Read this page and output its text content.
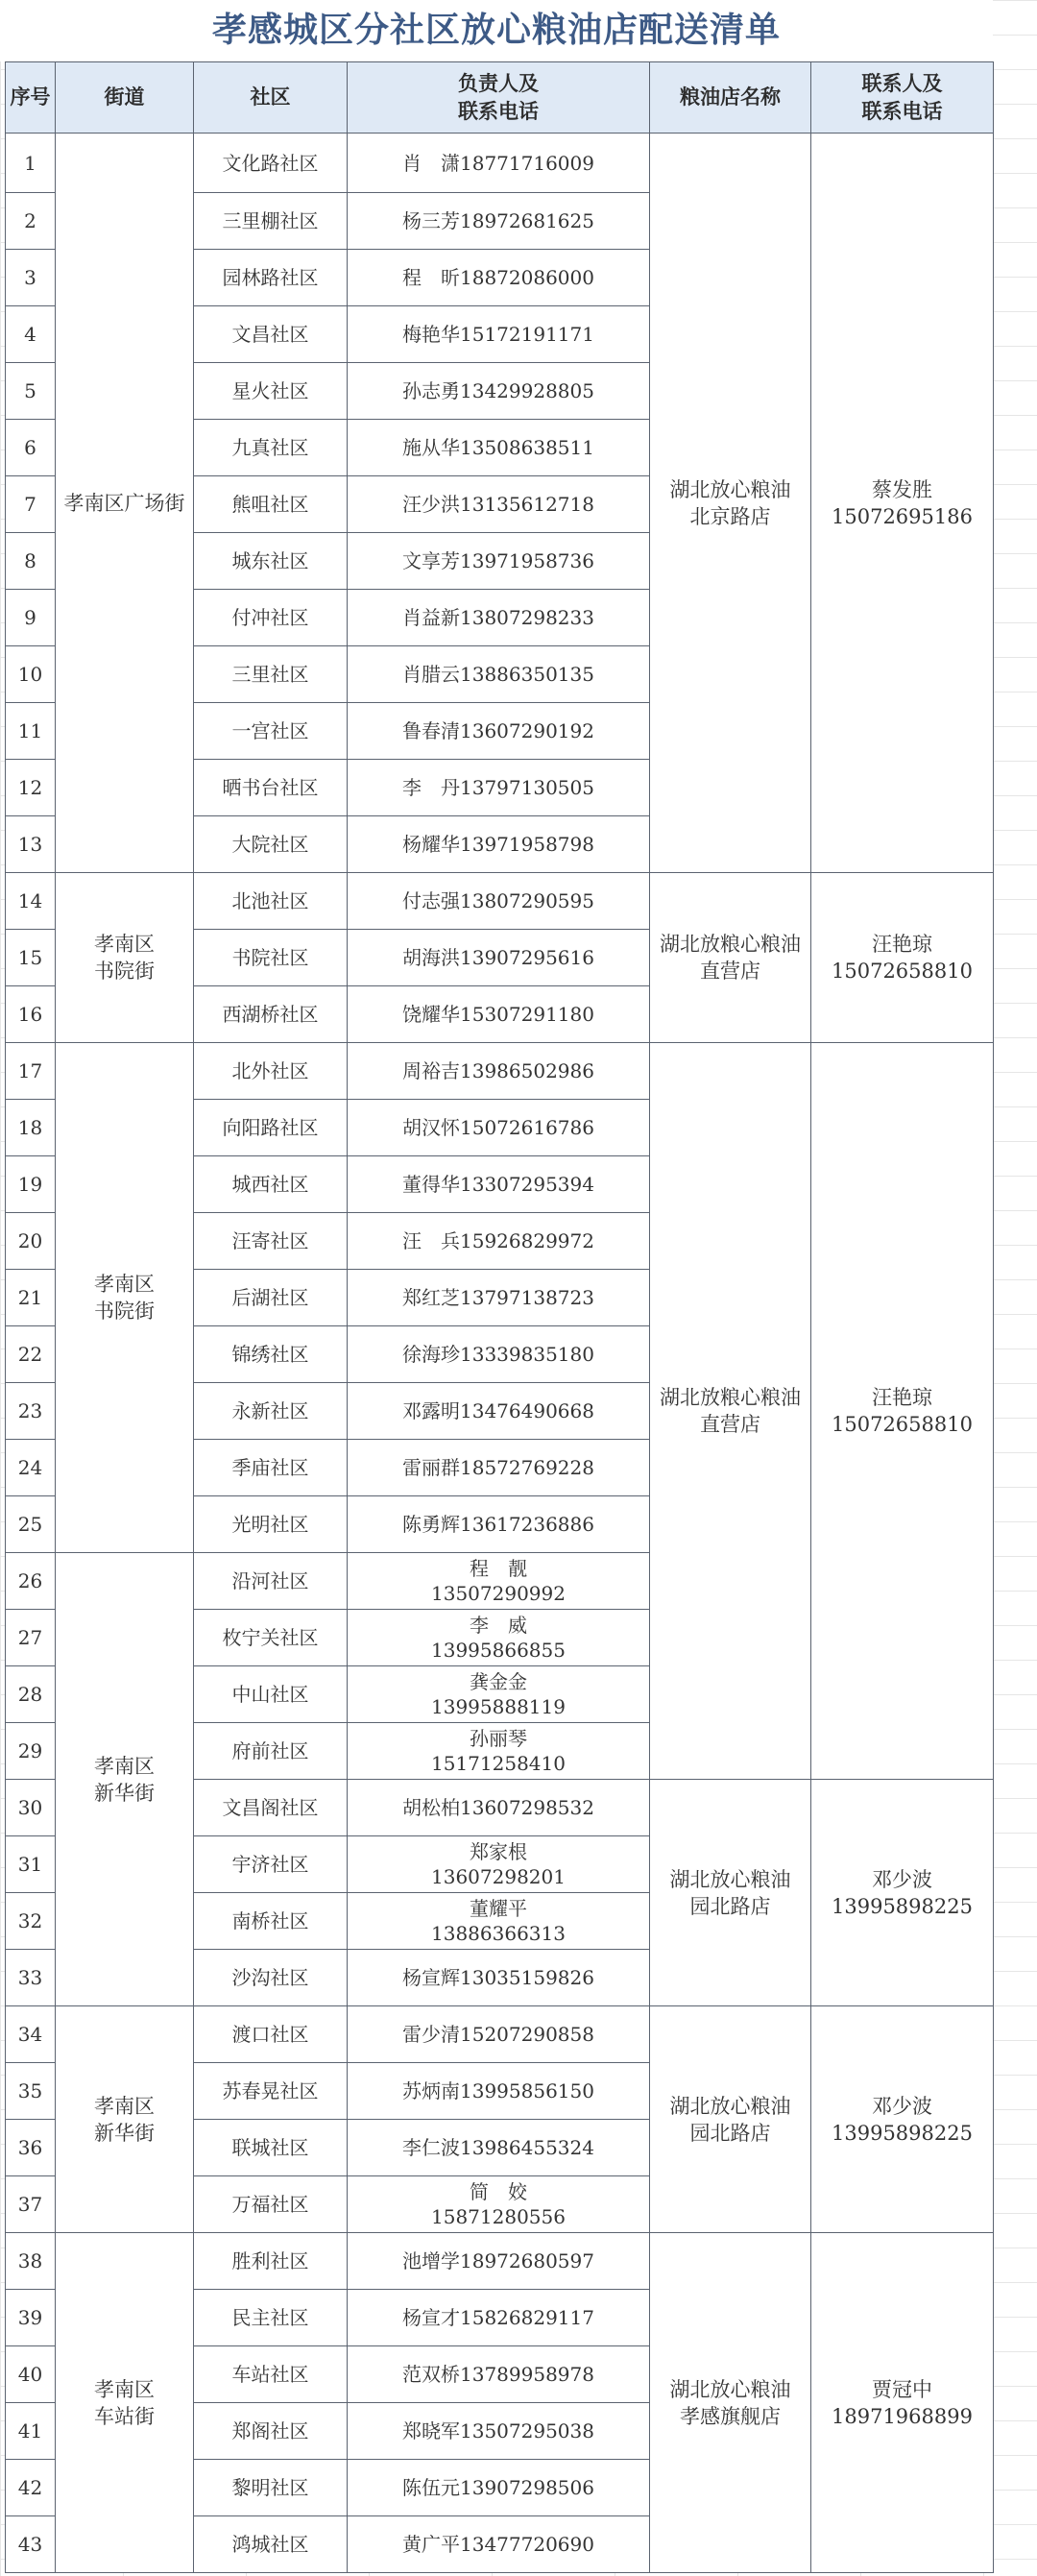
孝感城区分社区放心粮油店配送清单
序号	街道	社区	负责人及
联系电话	粮油店名称	联系人及
联系电话

1	孝南区广场街	文化路社区	肖　潇18771716009	湖北放心粮油
北京路店	蔡发胜
15072695186

2		三里棚社区	杨三芳18972681625		

3		园林路社区	程　昕18872086000		

4		文昌社区	梅艳华15172191171		

5		星火社区	孙志勇13429928805		

6		九真社区	施从华13508638511		

7		熊咀社区	汪少洪13135612718		

8		城东社区	文享芳13971958736		

9		付冲社区	肖益新13807298233		

10		三里社区	肖腊云13886350135		

11		一宫社区	鲁春清13607290192		

12		晒书台社区	李　丹13797130505		

13		大院社区	杨耀华13971958798		

14	孝南区
书院街	北池社区	付志强13807290595	湖北放粮心粮油
直营店	汪艳琼
15072658810

15		书院社区	胡海洪13907295616		

16		西湖桥社区	饶耀华15307291180		

17	孝南区
书院街	北外社区	周裕吉13986502986	湖北放粮心粮油
直营店	汪艳琼
15072658810

18		向阳路社区	胡汉怀15072616786		

19		城西社区	董得华13307295394		

20		汪寄社区	汪　兵15926829972		

21		后湖社区	郑红芝13797138723		

22		锦绣社区	徐海珍13339835180		

23		永新社区	邓露明13476490668		

24		季庙社区	雷丽群18572769228		

25		光明社区	陈勇辉13617236886		

26	孝南区
新华街	沿河社区	程　靓
13507290992		

27		枚宁关社区	李　威
13995866855		

28		中山社区	龚金金
13995888119		

29		府前社区	孙丽琴
15171258410		

30		文昌阁社区	胡松柏13607298532	湖北放心粮油
园北路店	邓少波
13995898225

31		宇济社区	郑家根
13607298201		

32		南桥社区	董耀平
13886366313		

33		沙沟社区	杨宣辉13035159826		

34	孝南区
新华街	渡口社区	雷少清15207290858	湖北放心粮油
园北路店	邓少波
13995898225

35		苏春晃社区	苏炳南13995856150		

36		联城社区	李仁波13986455324		

37		万福社区	简　姣
15871280556		

38	孝南区
车站街	胜利社区	池增学18972680597	湖北放心粮油
孝感旗舰店	贾冠中
18971968899

39		民主社区	杨宣才15826829117		

40		车站社区	范双桥13789958978		

41		郑阁社区	郑晓军13507295038		

42		黎明社区	陈伍元13907298506		

43		鸿城社区	黄广平13477720690		
